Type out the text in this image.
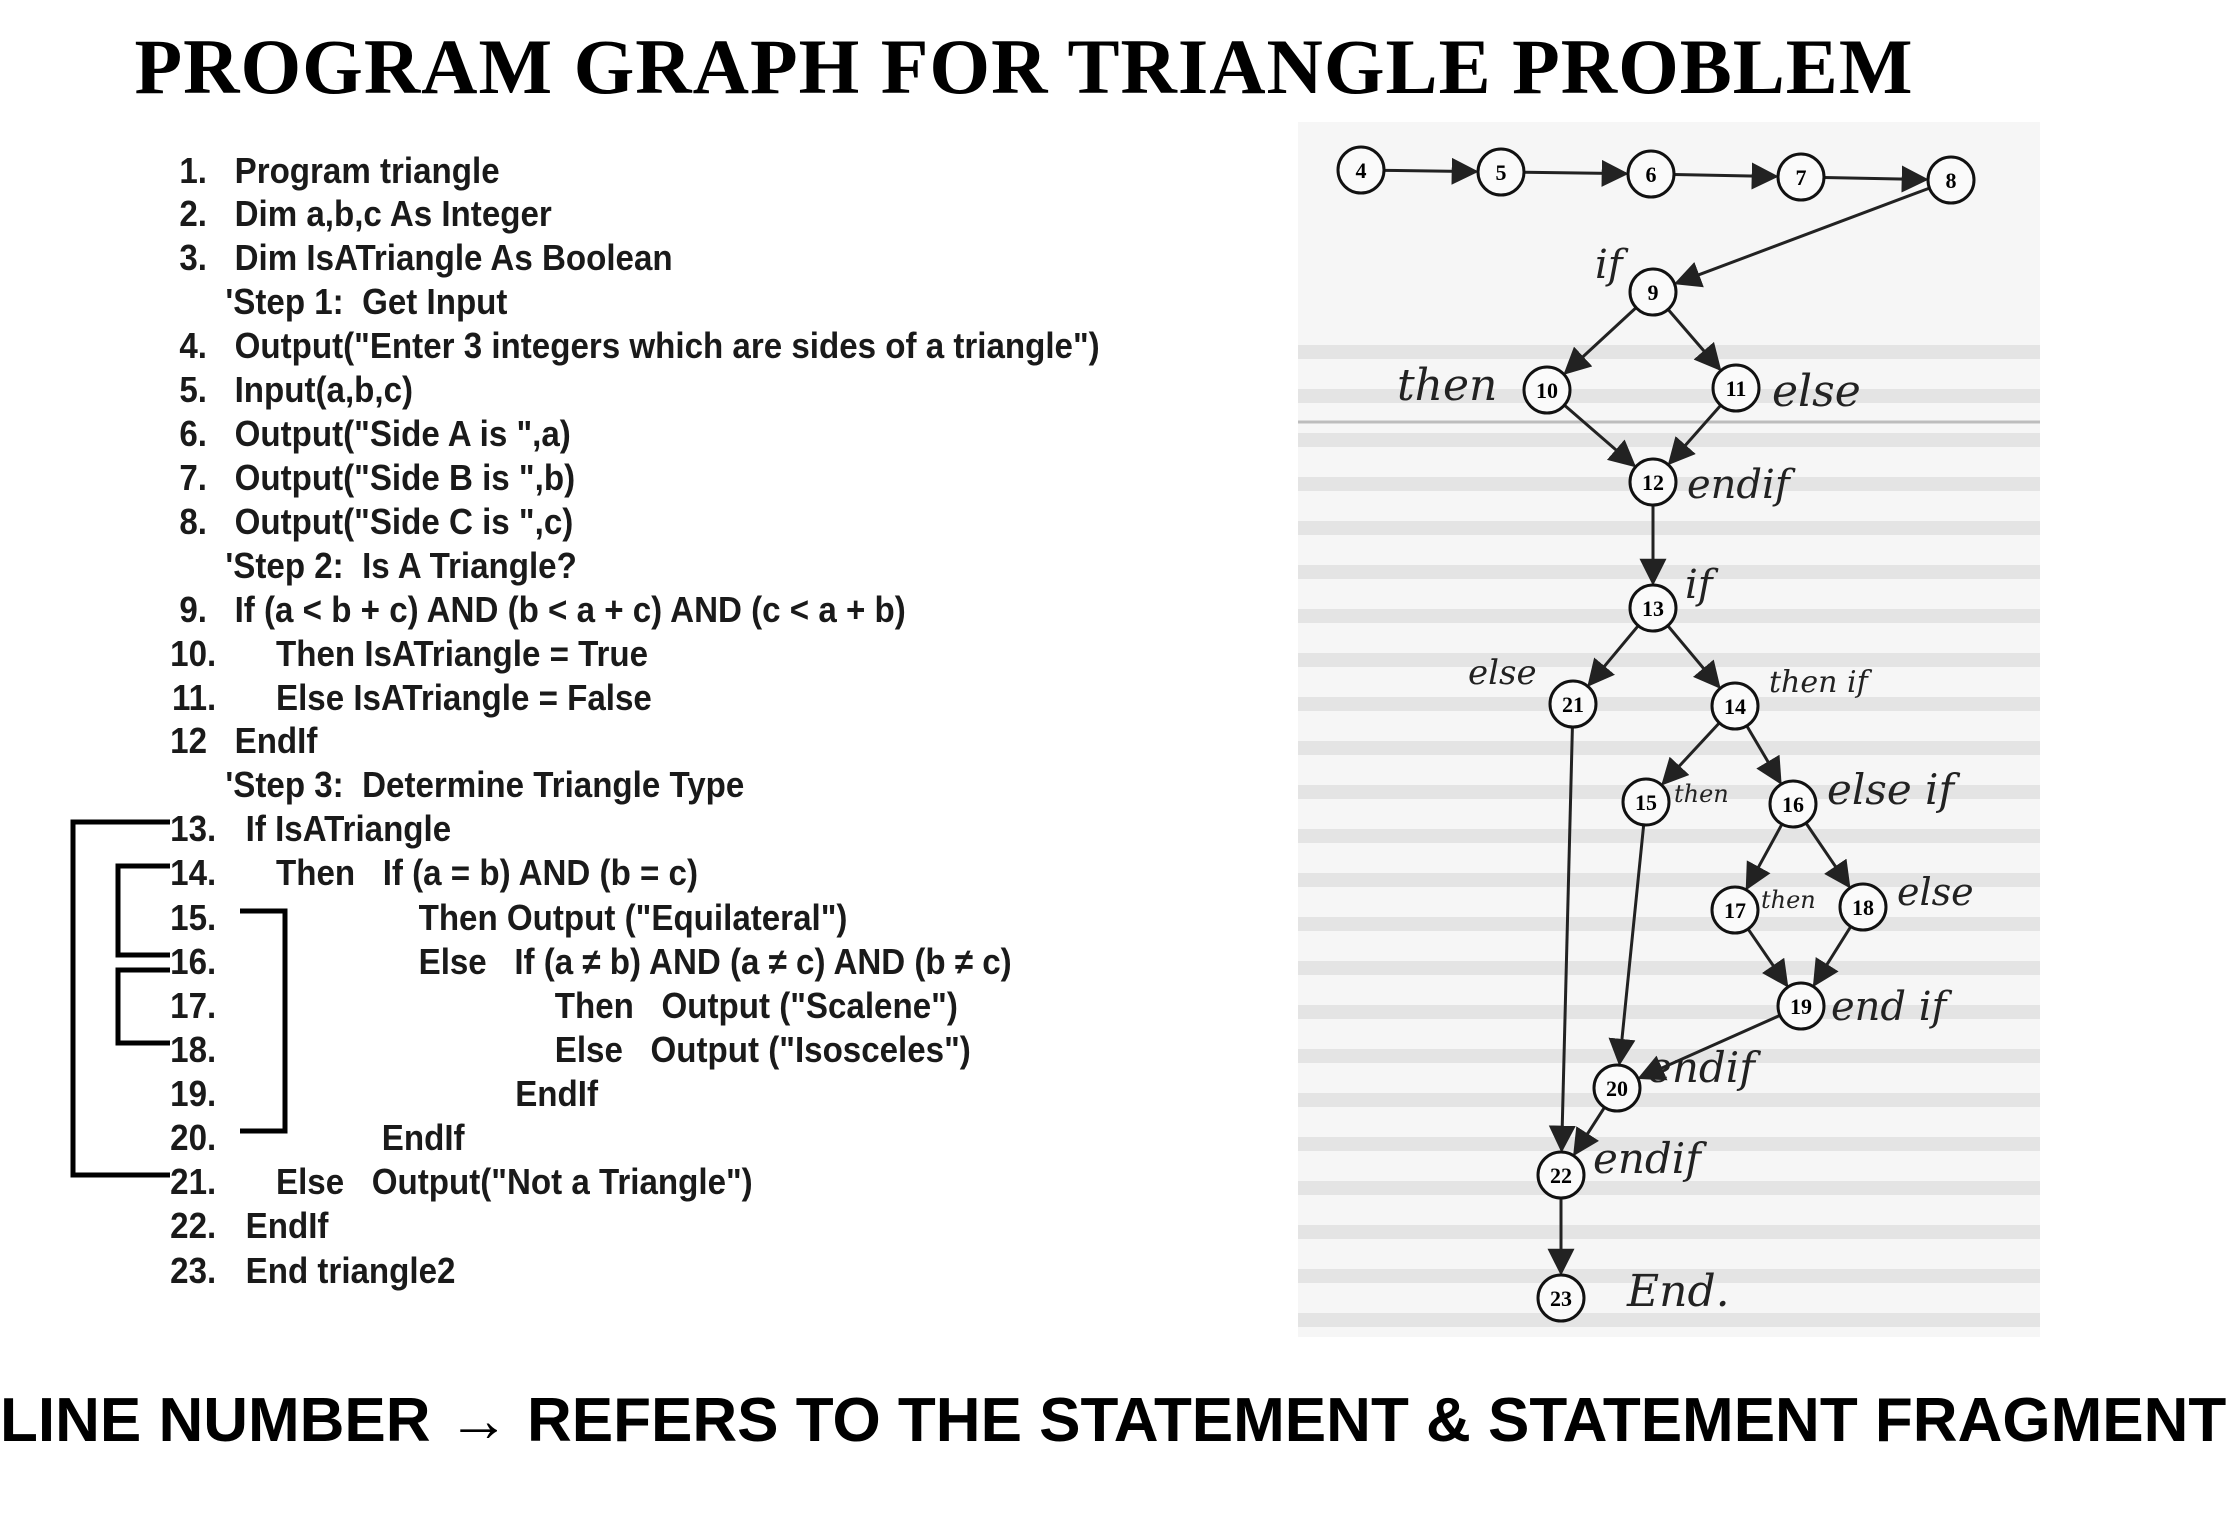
PROGRAM GRAPH FOR TRIANGLE PROBLEM
1. Program triangle
2. Dim a,b,c As Integer
3. Dim IsATriangle As Boolean
'Step 1:  Get Input
4. Output("Enter 3 integers which are sides of a triangle")
5. Input(a,b,c)
6. Output("Side A is ",a)
7. Output("Side B is ",b)
8. Output("Side C is ",c)
'Step 2:  Is A Triangle?
9. If (a < b + c) AND (b < a + c) AND (c < a + b)
10. Then IsATriangle = True
11. Else IsATriangle = False
12 EndIf
'Step 3:  Determine Triangle Type
13. If IsATriangle
14. Then   If (a = b) AND (b = c)
15.	Then Output ("Equilateral")
16.	Else   If (a ≠ b) AND (a ≠ c) AND (b ≠ c)
17.	Then   Output ("Scalene")
18.	Else   Output ("Isosceles")
19.	EndIf
20.	EndIf
21. Else   Output("Not a Triangle")
22. EndIf
23. End triangle2
4	5	6	7	8
9
10	11
12
13
14
15	16
17	18
19
20
21
22
23
if
then	else
endif
if
else	then if
then else if
then else
end if
endif
endif
End.
LINE NUMBER → REFERS TO THE STATEMENT & STATEMENT FRAGMENT
